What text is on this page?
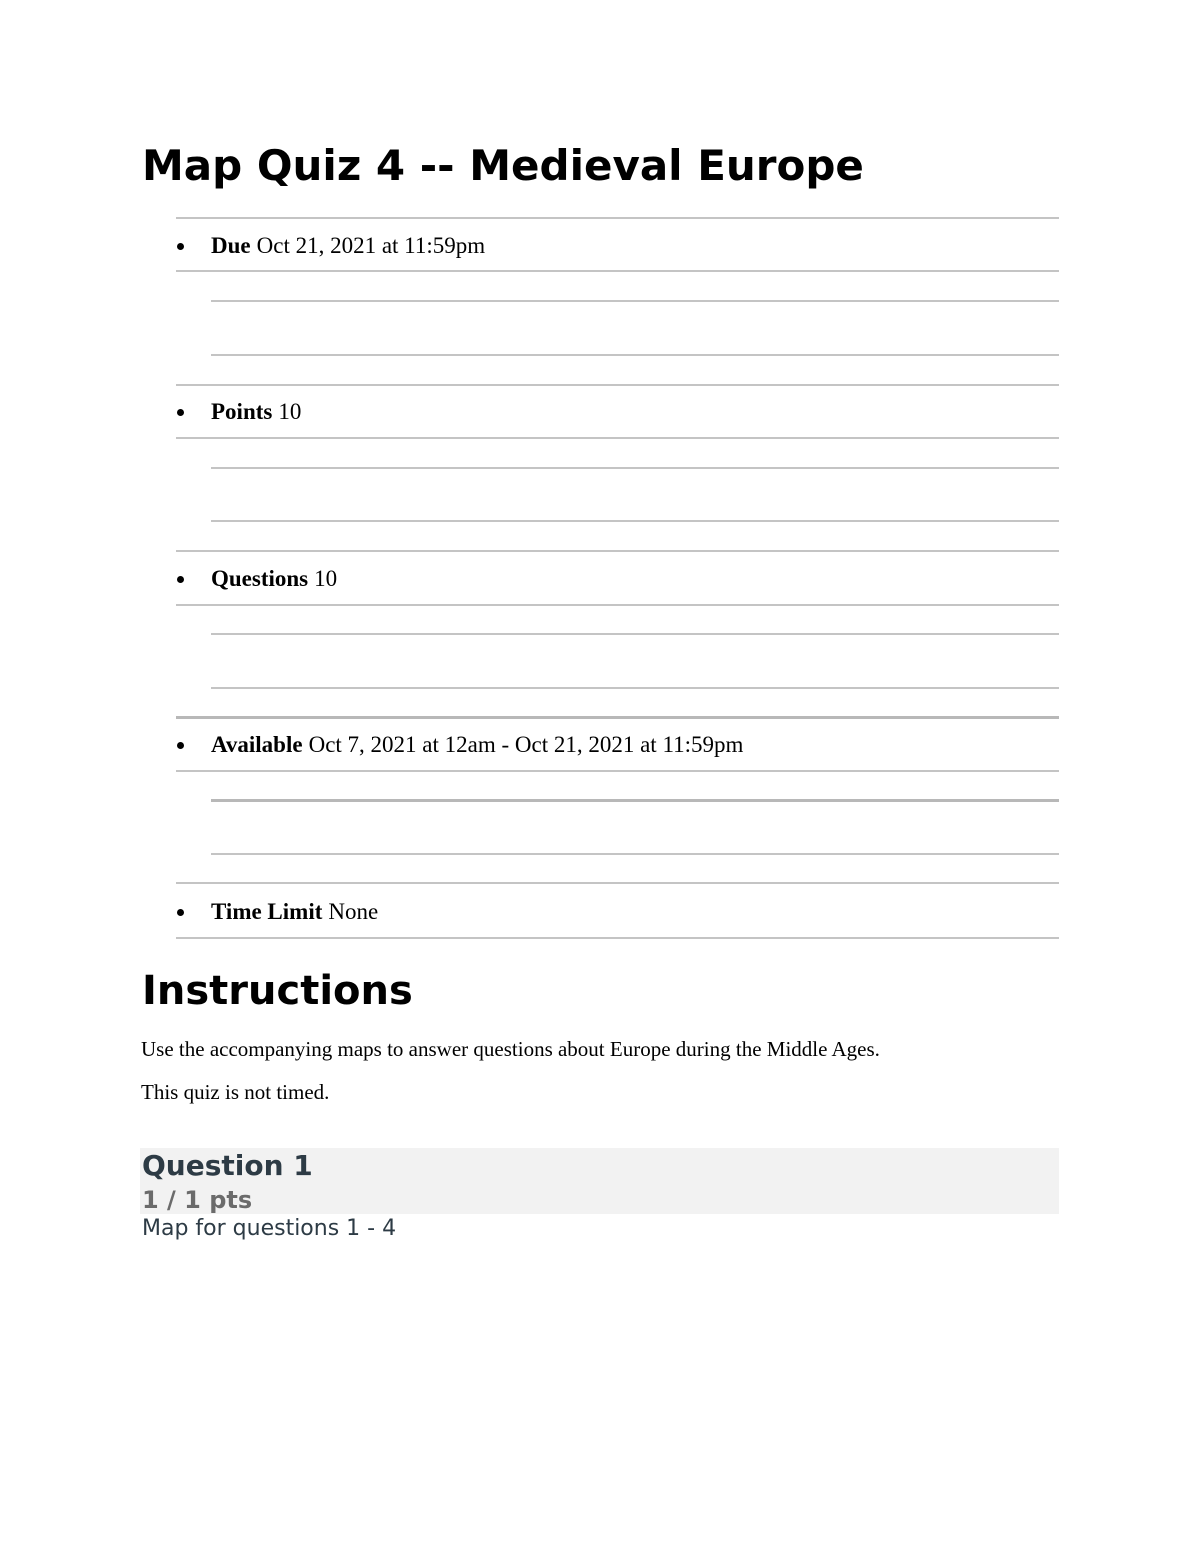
Map Quiz 4 -- Medieval Europe
Due Oct 21, 2021 at 11:59pm
Points 10
Questions 10
Available Oct 7, 2021 at 12am - Oct 21, 2021 at 11:59pm
Time Limit None
Instructions

Use the accompanying maps to answer questions about Europe during the Middle Ages.

This quiz is not timed.

Question 1
1 / 1 pts
Map for questions 1 - 4
